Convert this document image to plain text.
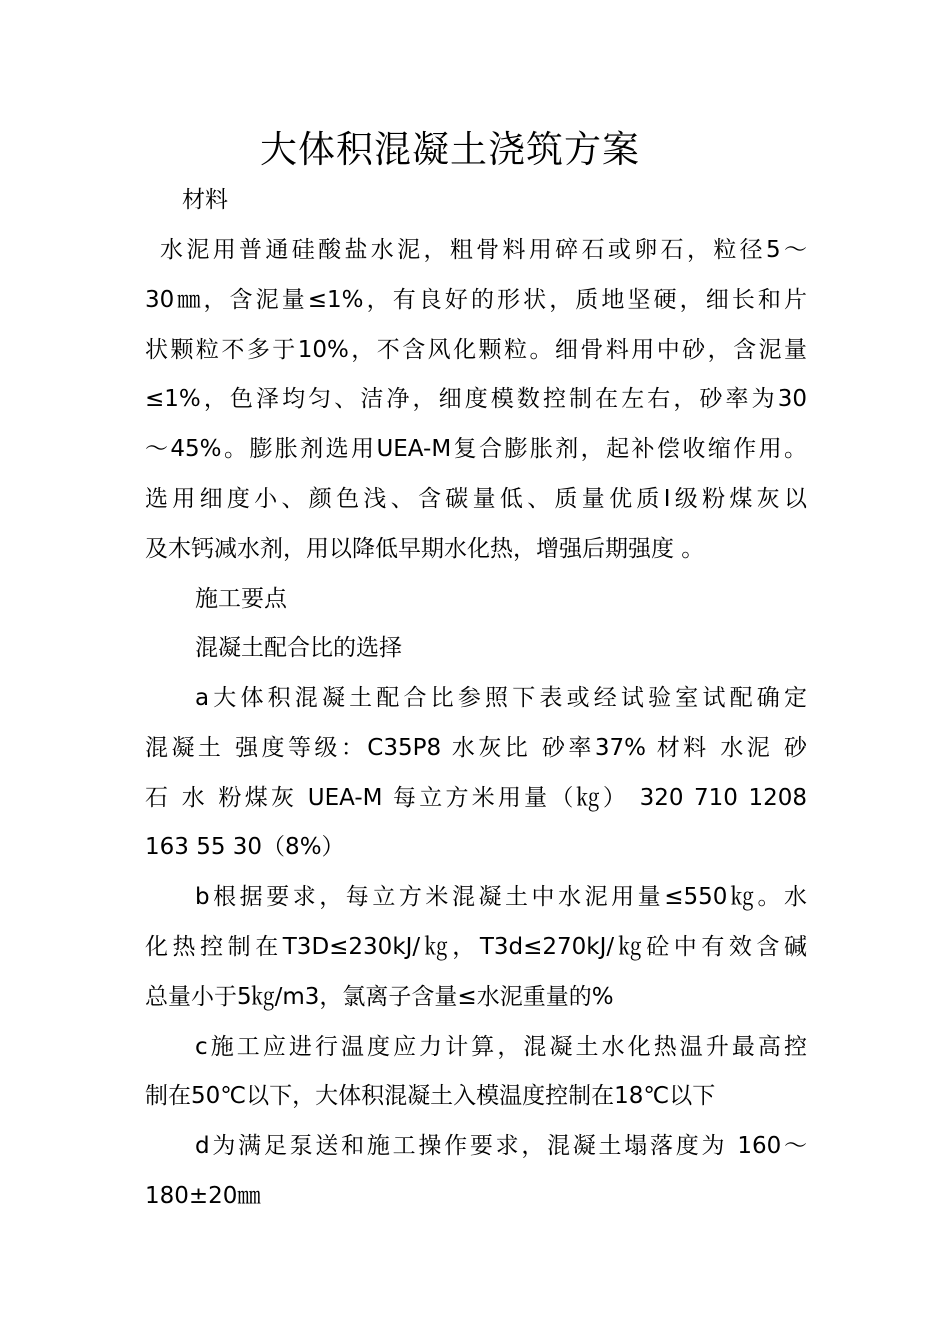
大体积混凝土浇筑方案
材料
水泥用普通硅酸盐水泥，粗骨料用碎石或卵石，粒径5～
30㎜，含泥量≤1%，有良好的形状，质地坚硬，细长和片
状颗粒不多于10%，不含风化颗粒。细骨料用中砂，含泥量
≤1%，色泽均匀、洁净，细度模数控制在左右，砂率为30
～45%。膨胀剂选用UEA-M复合膨胀剂，起补偿收缩作用。
选用细度小、颜色浅、含碳量低、质量优质Ⅰ级粉煤灰以
及木钙减水剂，用以降低早期水化热，增强后期强度 。
施工要点
混凝土配合比的选择
a大体积混凝土配合比参照下表或经试验室试配确定
混凝土 强度等级：C35P8 水灰比 砂率37% 材料 水泥 砂
石 水 粉煤灰 UEA-M 每立方米用量（㎏） 320 710 1208
163 55 30（8%）
b根据要求，每立方米混凝土中水泥用量≤550㎏。水
化热控制在T3D≤230kJ/㎏，T3d≤270kJ/㎏砼中有效含碱
总量小于5㎏/m3，氯离子含量≤水泥重量的%
c施工应进行温度应力计算，混凝土水化热温升最高控
制在50℃以下，大体积混凝土入模温度控制在18℃以下
d为满足泵送和施工操作要求，混凝土塌落度为 160～
180±20㎜
